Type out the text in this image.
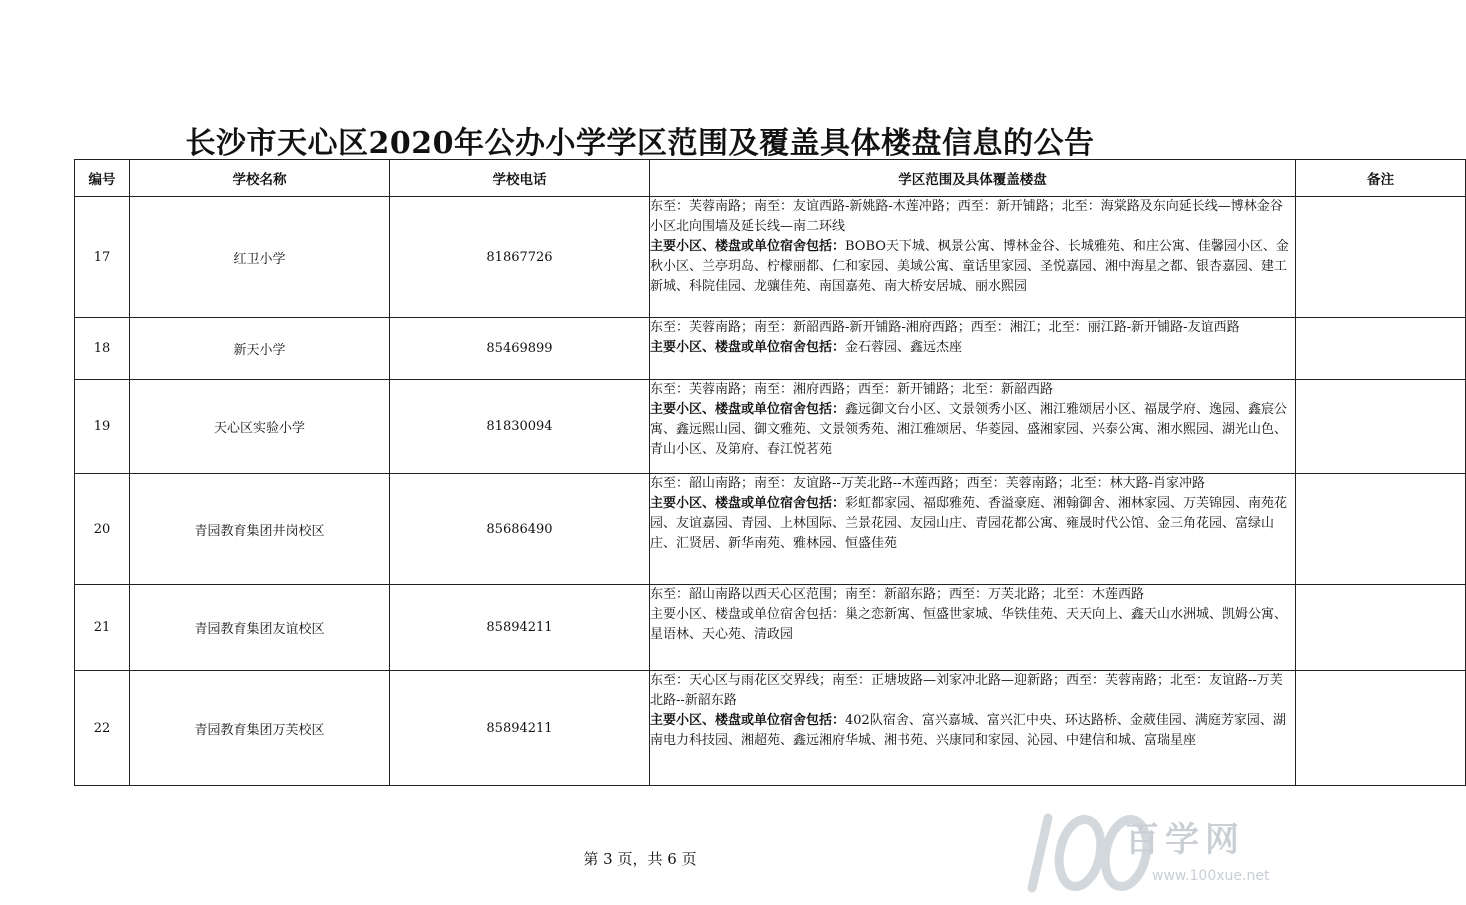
长沙市天心区2020年公办小学学区范围及覆盖具体楼盘信息的公告
编号	学校名称	学校电话	学区范围及具体覆盖楼盘	备注
17	红卫小学	81867726	东至：芙蓉南路；南至：友谊西路-新姚路-木莲冲路；西至：新开铺路；北至：海棠路及东向延长线—博林金谷小区北向围墙及延长线—南二环线
主要小区、楼盘或单位宿舍包括：BOBO天下城、枫景公寓、博林金谷、长城雅苑、和庄公寓、佳馨园小区、金秋小区、兰亭玥岛、柠檬丽都、仁和家园、美域公寓、童话里家园、圣悦嘉园、湘中海星之都、银杏嘉园、建工新城、科院佳园、龙骧佳苑、南国嘉苑、南大桥安居城、丽水熙园	
18	新天小学	85469899	东至：芙蓉南路；南至：新韶西路-新开铺路-湘府西路；西至：湘江；北至：丽江路-新开铺路-友谊西路
主要小区、楼盘或单位宿舍包括：金石蓉园、鑫远杰座	
19	天心区实验小学	81830094	东至：芙蓉南路；南至：湘府西路；西至：新开铺路；北至：新韶西路
主要小区、楼盘或单位宿舍包括：鑫远御文台小区、文景领秀小区、湘江雅颂居小区、福晟学府、逸园、鑫宸公寓、鑫远熙山园、御文雅苑、文景领秀苑、湘江雅颂居、华菱园、盛湘家园、兴泰公寓、湘水熙园、湖光山色、青山小区、及第府、春江悦茗苑	
20	青园教育集团井岗校区	85686490	东至：韶山南路；南至：友谊路--万芙北路--木莲西路；西至：芙蓉南路；北至：林大路-肖家冲路
主要小区、楼盘或单位宿舍包括：彩虹都家园、福邸雅苑、香溢豪庭、湘翰御舍、湘林家园、万芙锦园、南苑花园、友谊嘉园、青园、上林国际、兰景花园、友园山庄、青园花都公寓、雍晟时代公馆、金三角花园、富绿山庄、汇贤居、新华南苑、雅林园、恒盛佳苑	
21	青园教育集团友谊校区	85894211	东至：韶山南路以西天心区范围；南至：新韶东路；西至：万芙北路；北至：木莲西路
主要小区、楼盘或单位宿舍包括：巢之恋新寓、恒盛世家城、华铁佳苑、天天向上、鑫天山水洲城、凯姆公寓、星语林、天心苑、清政园	
22	青园教育集团万芙校区	85894211	东至：天心区与雨花区交界线；南至：正塘坡路—刘家冲北路—迎新路；西至：芙蓉南路；北至：友谊路--万芙北路--新韶东路
主要小区、楼盘或单位宿舍包括：402队宿舍、富兴嘉城、富兴汇中央、环达路桥、金葳佳园、满庭芳家园、湖南电力科技园、湘超苑、鑫远湘府华城、湘书苑、兴康同和家园、沁园、中建信和城、富瑞星座	
第 3 页，共 6 页	百学网
www.100xue.net
